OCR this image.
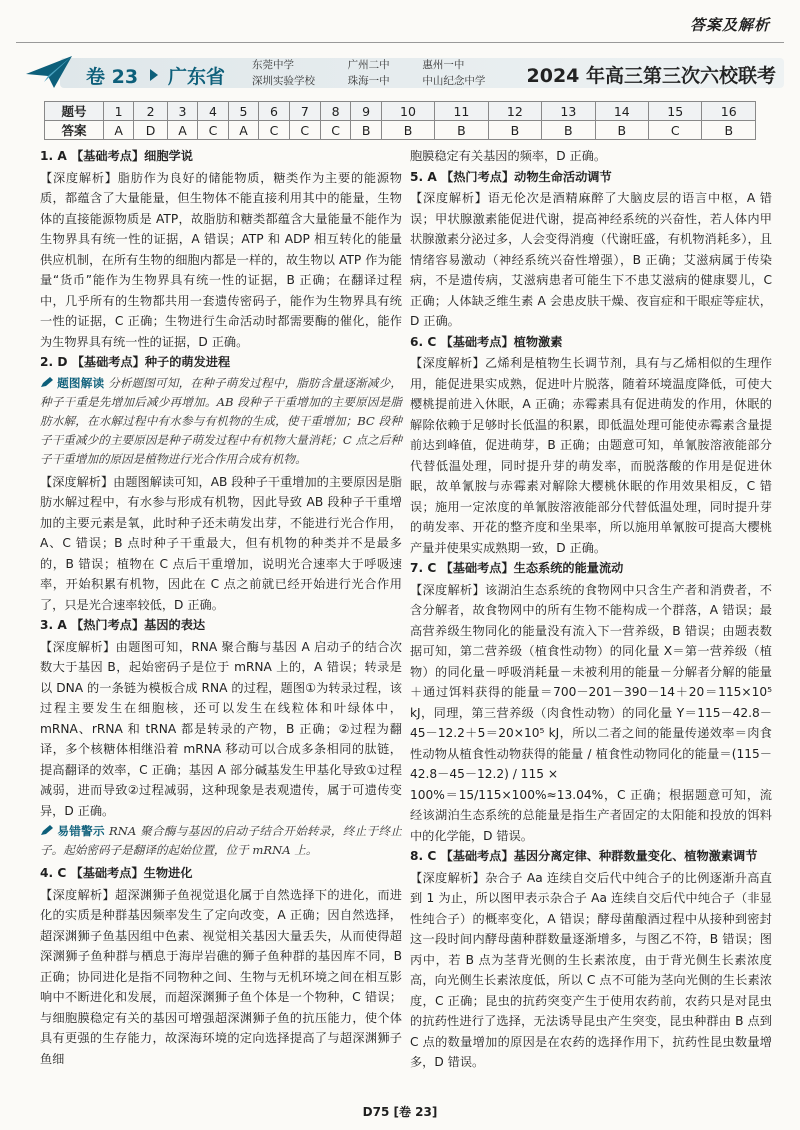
答案及解析
卷 23 广东省
东莞中学	广州二中	惠州一中
深圳实验学校	珠海一中	中山纪念中学	2024 年高三第三次六校联考
题号	1	2	3	4	5	6	7	8	9	10	11	12	13	14	15	16
答案	A	D	A	C	A	C	C	C	B	B	B	B	B	B	C	B
1. A 【基础考点】细胞学说

【深度解析】脂肪作为良好的储能物质，糖类作为主要的能源物质，都蕴含了大量能量，但生物体不能直接利用其中的能量，生物体的直接能源物质是 ATP，故脂肪和糖类都蕴含大量能量不能作为生物界具有统一性的证据，A 错误；ATP 和 ADP 相互转化的能量供应机制，在所有生物的细胞内都是一样的，故生物以 ATP 作为能量“货币”能作为生物界具有统一性的证据，B 正确；在翻译过程中，几乎所有的生物都共用一套遗传密码子，能作为生物界具有统一性的证据，C 正确；生物进行生命活动时都需要酶的催化，能作为生物界具有统一性的证据，D 正确。

2. D 【基础考点】种子的萌发进程
题图解读 分析题图可知，在种子萌发过程中，脂肪含量逐渐减少，种子干重是先增加后减少再增加。AB 段种子干重增加的主要原因是脂肪水解，在水解过程中有水参与有机物的生成，使干重增加；BC 段种子干重减少的主要原因是种子萌发过程中有机物大量消耗；C 点之后种子干重增加的原因是植物进行光合作用合成有机物。

【深度解析】由题图解读可知，AB 段种子干重增加的主要原因是脂肪水解过程中，有水参与形成有机物，因此导致 AB 段种子干重增加的主要元素是氧，此时种子还未萌发出芽，不能进行光合作用，A、C 错误；B 点时种子干重最大，但有机物的种类并不是最多的，B 错误；植物在 C 点后干重增加，说明光合速率大于呼吸速率，开始积累有机物，因此在 C 点之前就已经开始进行光合作用了，只是光合速率较低，D 正确。

3. A 【热门考点】基因的表达

【深度解析】由题图可知，RNA 聚合酶与基因 A 启动子的结合次数大于基因 B，起始密码子是位于 mRNA 上的，A 错误；转录是以 DNA 的一条链为模板合成 RNA 的过程，题图①为转录过程，该过程主要发生在细胞核，还可以发生在线粒体和叶绿体中，mRNA、rRNA 和 tRNA 都是转录的产物，B 正确；②过程为翻译，多个核糖体相继沿着 mRNA 移动可以合成多条相同的肽链，提高翻译的效率，C 正确；基因 A 部分碱基发生甲基化导致①过程减弱，进而导致②过程减弱，这种现象是表观遗传，属于可遗传变异，D 正确。

易错警示 RNA 聚合酶与基因的启动子结合开始转录，终止于终止子。起始密码子是翻译的起始位置，位于 mRNA 上。
4. C 【基础考点】生物进化

【深度解析】超深渊狮子鱼视觉退化属于自然选择下的进化，而进化的实质是种群基因频率发生了定向改变，A 正确；因自然选择，超深渊狮子鱼基因组中色素、视觉相关基因大量丢失，从而使得超深渊狮子鱼种群与栖息于海岸岩礁的狮子鱼种群的基因库不同，B 正确；协同进化是指不同物种之间、生物与无机环境之间在相互影响中不断进化和发展，而超深渊狮子鱼个体是一个物种，C 错误；与细胞膜稳定有关的基因可增强超深渊狮子鱼的抗压能力，使个体具有更强的生存能力，故深海环境的定向选择提高了与超深渊狮子鱼细

胞膜稳定有关基因的频率，D 正确。

5. A 【热门考点】动物生命活动调节

【深度解析】语无伦次是酒精麻醉了大脑皮层的语言中枢，A 错误；甲状腺激素能促进代谢，提高神经系统的兴奋性，若人体内甲状腺激素分泌过多，人会变得消瘦（代谢旺盛，有机物消耗多），且情绪容易激动（神经系统兴奋性增强），B 正确；艾滋病属于传染病，不是遗传病，艾滋病患者可能生下不患艾滋病的健康婴儿，C 正确；人体缺乏维生素 A 会患皮肤干燥、夜盲症和干眼症等症状，D 正确。

6. C 【基础考点】植物激素

【深度解析】乙烯利是植物生长调节剂，具有与乙烯相似的生理作用，能促进果实成熟，促进叶片脱落，随着环境温度降低，可使大樱桃提前进入休眠，A 正确；赤霉素具有促进萌发的作用，休眠的解除依赖于足够时长低温的积累，即低温处理可能使赤霉素含量提前达到峰值，促进萌芽，B 正确；由题意可知，单氰胺溶液能部分代替低温处理，同时提升芽的萌发率，而脱落酸的作用是促进休眠，故单氰胺与赤霉素对解除大樱桃休眠的作用效果相反，C 错误；施用一定浓度的单氰胺溶液能部分代替低温处理，同时提升芽的萌发率、开花的整齐度和坐果率，所以施用单氰胺可提高大樱桃产量并使果实成熟期一致，D 正确。

7. C 【基础考点】生态系统的能量流动

【深度解析】该湖泊生态系统的食物网中只含生产者和消费者，不含分解者，故食物网中的所有生物不能构成一个群落，A 错误；最高营养级生物同化的能量没有流入下一营养级，B 错误；由题表数据可知，第二营养级（植食性动物）的同化量 X＝第一营养级（植物）的同化量－呼吸消耗量－未被利用的能量－分解者分解的能量＋通过饵料获得的能量＝700－201－390－14＋20＝115×10⁵ kJ，同理，第三营养级（肉食性动物）的同化量 Y＝115－42.8－45－12.2＋5＝20×10⁵ kJ，所以二者之间的能量传递效率＝肉食性动物从植食性动物获得的能量 / 植食性动物同化的能量＝(115－42.8－45－12.2) / 115 ×

100%＝15/115×100%≈13.04%，C 正确；根据题意可知，流经该湖泊生态系统的总能量是指生产者固定的太阳能和投放的饵料中的化学能，D 错误。

8. C 【基础考点】基因分离定律、种群数量变化、植物激素调节

【深度解析】杂合子 Aa 连续自交后代中纯合子的比例逐渐升高直到 1 为止，所以图甲表示杂合子 Aa 连续自交后代中纯合子（非显性纯合子）的概率变化，A 错误；酵母菌酿酒过程中从接种到密封这一段时间内酵母菌种群数量逐渐增多，与图乙不符，B 错误；图丙中，若 B 点为茎背光侧的生长素浓度，由于背光侧生长素浓度高，向光侧生长素浓度低，所以 C 点不可能为茎向光侧的生长素浓度，C 正确；昆虫的抗药突变产生于使用农药前，农药只是对昆虫的抗药性进行了选择，无法诱导昆虫产生突变，昆虫种群由 B 点到 C 点的数量增加的原因是在农药的选择作用下，抗药性昆虫数量增多，D 错误。

D75 [卷 23]
